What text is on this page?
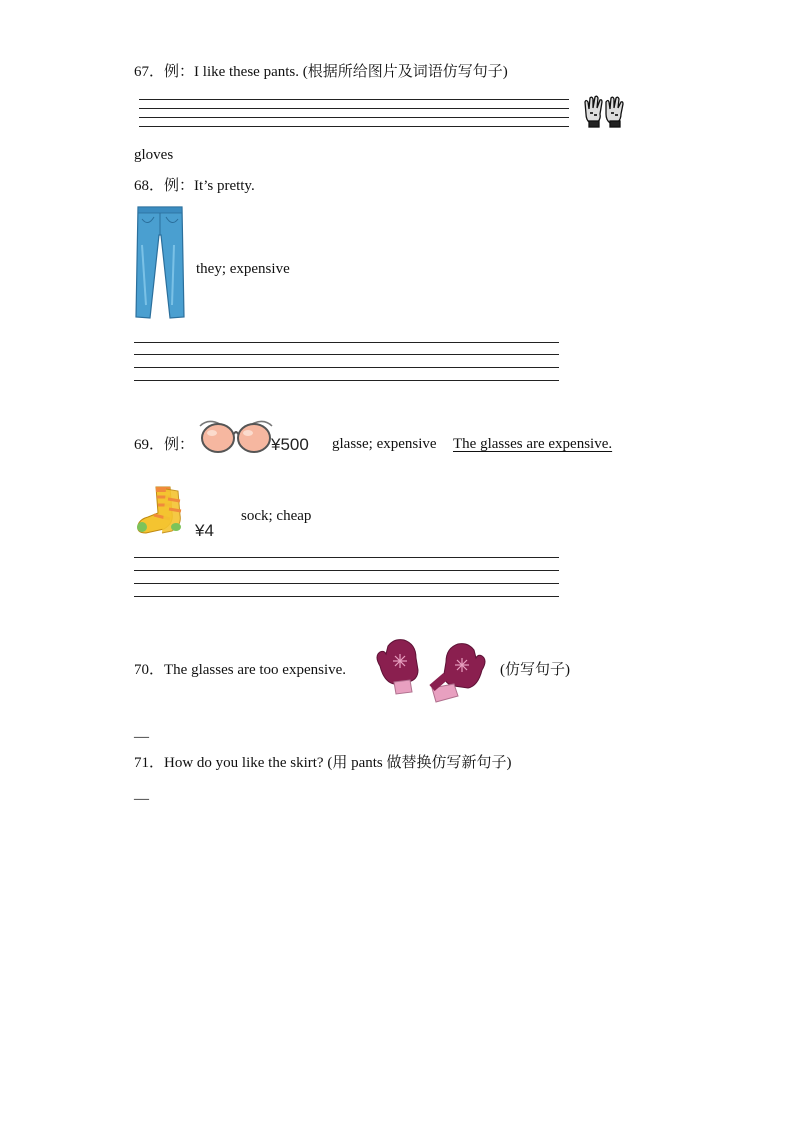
67．例：I like these pants. (根据所给图片及词语仿写句子)
gloves
68．例：It’s pretty.
they; expensive
69．例：	¥500 glasse; expensive The glasses are expensive.
¥4
sock; cheap
70．The glasses are too expensive.	(仿写句子)
—
71．How do you like the skirt? (用 pants 做替换仿写新句子)
—
